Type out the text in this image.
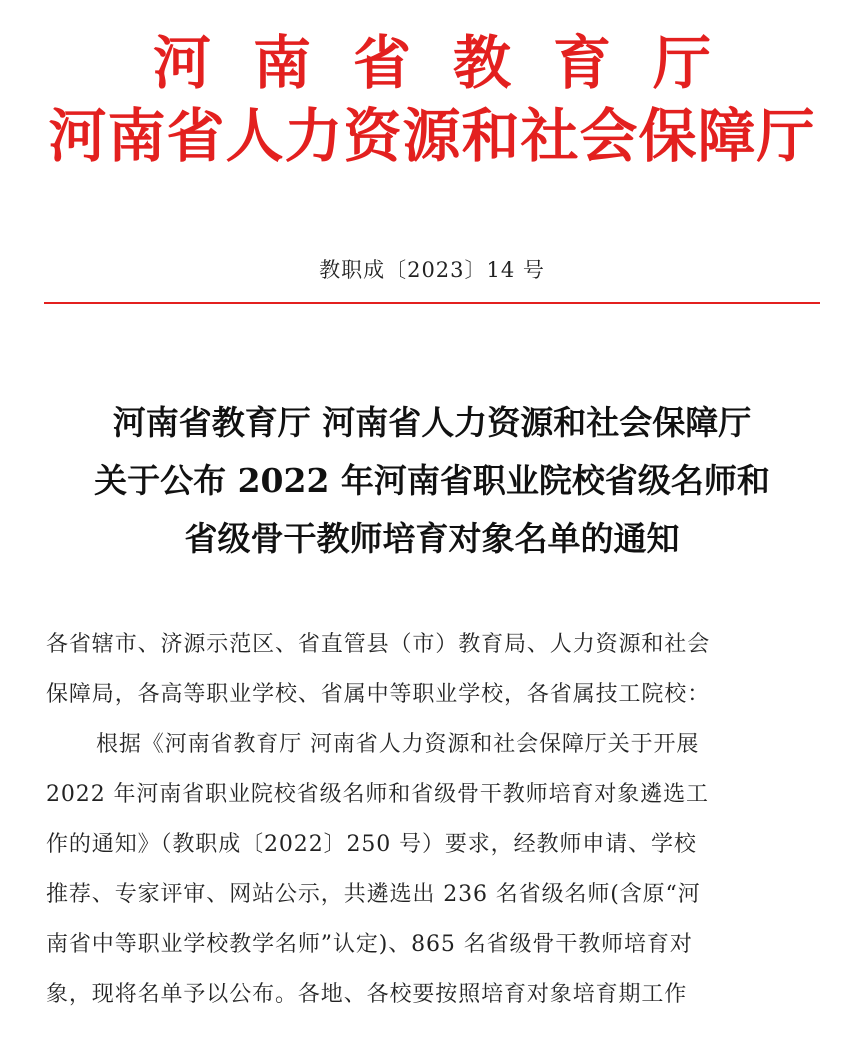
河南省教育厅
河南省人力资源和社会保障厅
教职成〔2023〕14 号
河南省教育厅 河南省人力资源和社会保障厅
关于公布 2022 年河南省职业院校省级名师和
省级骨干教师培育对象名单的通知
各省辖市、济源示范区、省直管县（市）教育局、人力资源和社会
保障局，各高等职业学校、省属中等职业学校，各省属技工院校：
根据《河南省教育厅 河南省人力资源和社会保障厅关于开展
2022 年河南省职业院校省级名师和省级骨干教师培育对象遴选工
作的通知》（教职成〔2022〕250 号）要求，经教师申请、学校
推荐、专家评审、网站公示，共遴选出 236 名省级名师(含原“河
南省中等职业学校教学名师”认定)、865 名省级骨干教师培育对
象，现将名单予以公布。各地、各校要按照培育对象培育期工作
